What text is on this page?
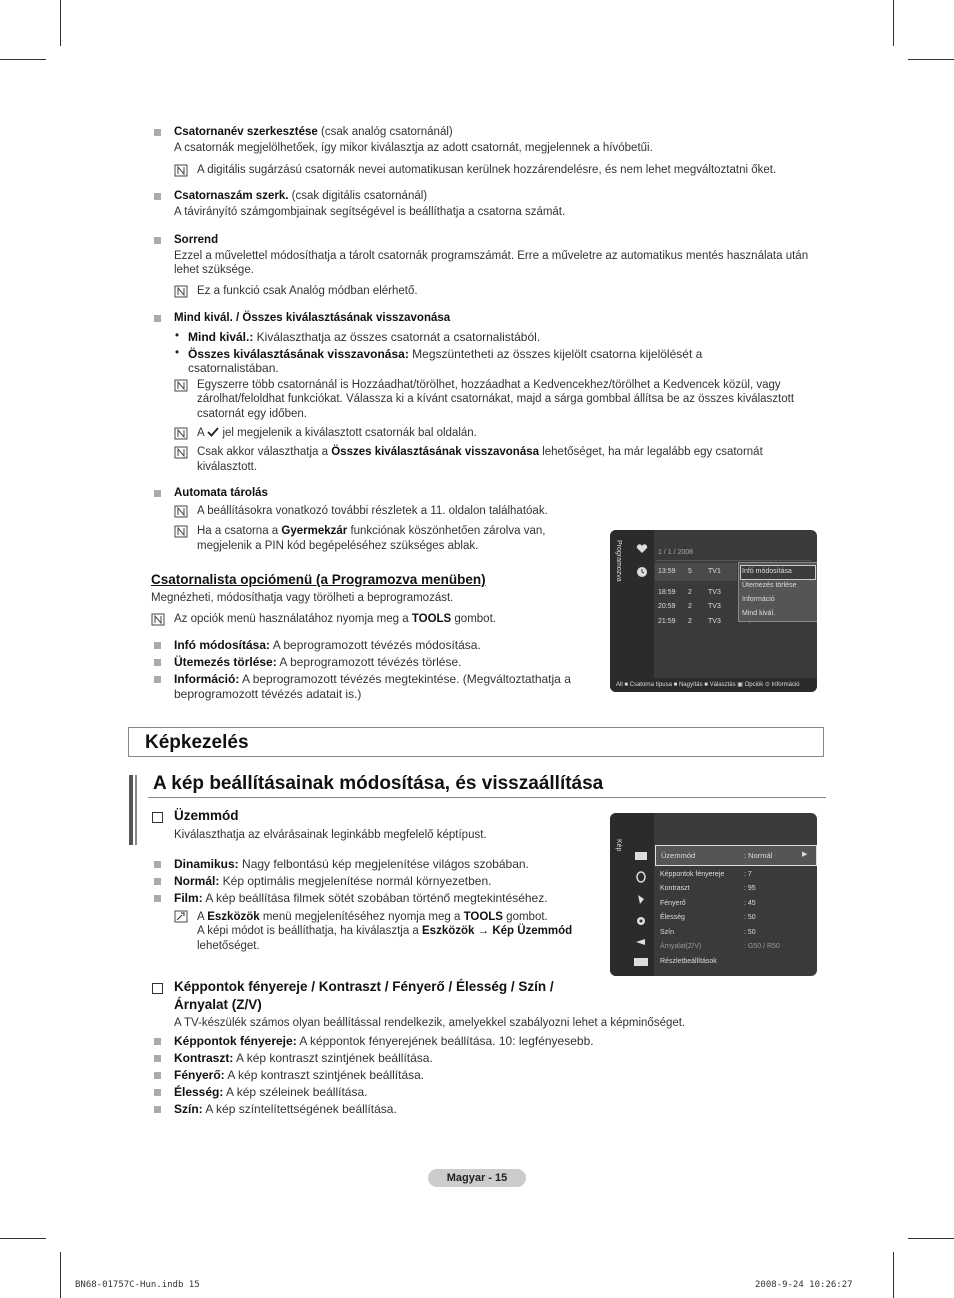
Csatornanév szerkesztése (csak analóg csatornánál)
A csatornák megjelölhetőek, így mikor kiválasztja az adott csatornát, megjelennek a hívóbetűi.
A digitális sugárzású csatornák nevei automatikusan kerülnek hozzárendelésre, és nem lehet megváltoztatni őket.
Csatornaszám szerk. (csak digitális csatornánál)
A távirányító számgombjainak segítségével is beállíthatja a csatorna számát.
Sorrend
Ezzel a művelettel módosíthatja a tárolt csatornák programszámát. Erre a műveletre az automatikus mentés használata után
lehet szüksége.
Ez a funkció csak Analóg módban elérhető.
Mind kivál. / Összes kiválasztásának visszavonása
• Mind kivál.: Kiválaszthatja az összes csatornát a csatornalistából.
• Összes kiválasztásának visszavonása: Megszüntetheti az összes kijelölt csatorna kijelölését a
csatornalistában.
Egyszerre több csatornánál is Hozzáadhat/törölhet, hozzáadhat a Kedvencekhez/törölhet a Kedvencek közül, vagy
zárolhat/feloldhat funkciókat. Válassza ki a kívánt csatornákat, majd a sárga gombbal állítsa be az összes kiválasztott
csatornát egy időben.
A  jel megjelenik a kiválasztott csatornák bal oldalán.
Csak akkor választhatja a Összes kiválasztásának visszavonása lehetőséget, ha már legalább egy csatornát
kiválasztott.
Automata tárolás
A beállításokra vonatkozó további részletek a 11. oldalon találhatóak.
Ha a csatorna a Gyermekzár funkciónak köszönhetően zárolva van,
megjelenik a PIN kód begépeléséhez szükséges ablak.
Csatornalista opciómenü (a Programozva menüben)
Megnézheti, módosíthatja vagy törölheti a beprogramozást.
Az opciók menü használatához nyomja meg a TOOLS gombot.
Infó módosítása: A beprogramozott tévézés módosítása.
Ütemezés törlése: A beprogramozott tévézés törlése.
Információ: A beprogramozott tévézés megtekintése. (Megváltoztathatja a
beprogramozott tévézés adatait is.)
Programozva	1 / 1 / 2008
13:59 5 TV1
18:59 2 TV3
20:59 2 TV3
21:59 2 TV3
Infó módosítása
Ütemezés törlése
Információ
Mind kivál.
All ■ Csatorna típusa ■ Nagyítás ■ Választás ▣ Opciók ⊙ Információ
Képkezelés
A kép beállításainak módosítása, és visszaállítása
Üzemmód
Kiválaszthatja az elvárásainak leginkább megfelelő képtípust.
Dinamikus: Nagy felbontású kép megjelenítése világos szobában.
Normál: Kép optimális megjelenítése normál környezetben.
Film: A kép beállítása filmek sötét szobában történő megtekintéséhez.
A Eszközök menü megjelenítéséhez nyomja meg a TOOLS gombot.
A képi módot is beállíthatja, ha kiválasztja a Eszközök → Kép Üzemmód
lehetőséget.
Kép
Üzemmód	: Normál	▶
Képpontok fényereje	: 7
Kontraszt	: 95
Fényerő	: 45
Élesség	: 50
Szín	: 50
Árnyalat(Z/V)	: G50 / R50
Részletbeállítások
Képpontok fényereje / Kontraszt / Fényerő / Élesség / Szín /
Árnyalat (Z/V)
A TV-készülék számos olyan beállítással rendelkezik, amelyekkel szabályozni lehet a képminőséget.
Képpontok fényereje: A képpontok fényerejének beállítása. 10: legfényesebb.
Kontraszt: A kép kontraszt szintjének beállítása.
Fényerő: A kép kontraszt szintjének beállítása.
Élesség: A kép széleinek beállítása.
Szín: A kép színtelítettségének beállítása.
Magyar - 15
BN68-01757C-Hun.indb 15	2008-9-24 10:26:27
